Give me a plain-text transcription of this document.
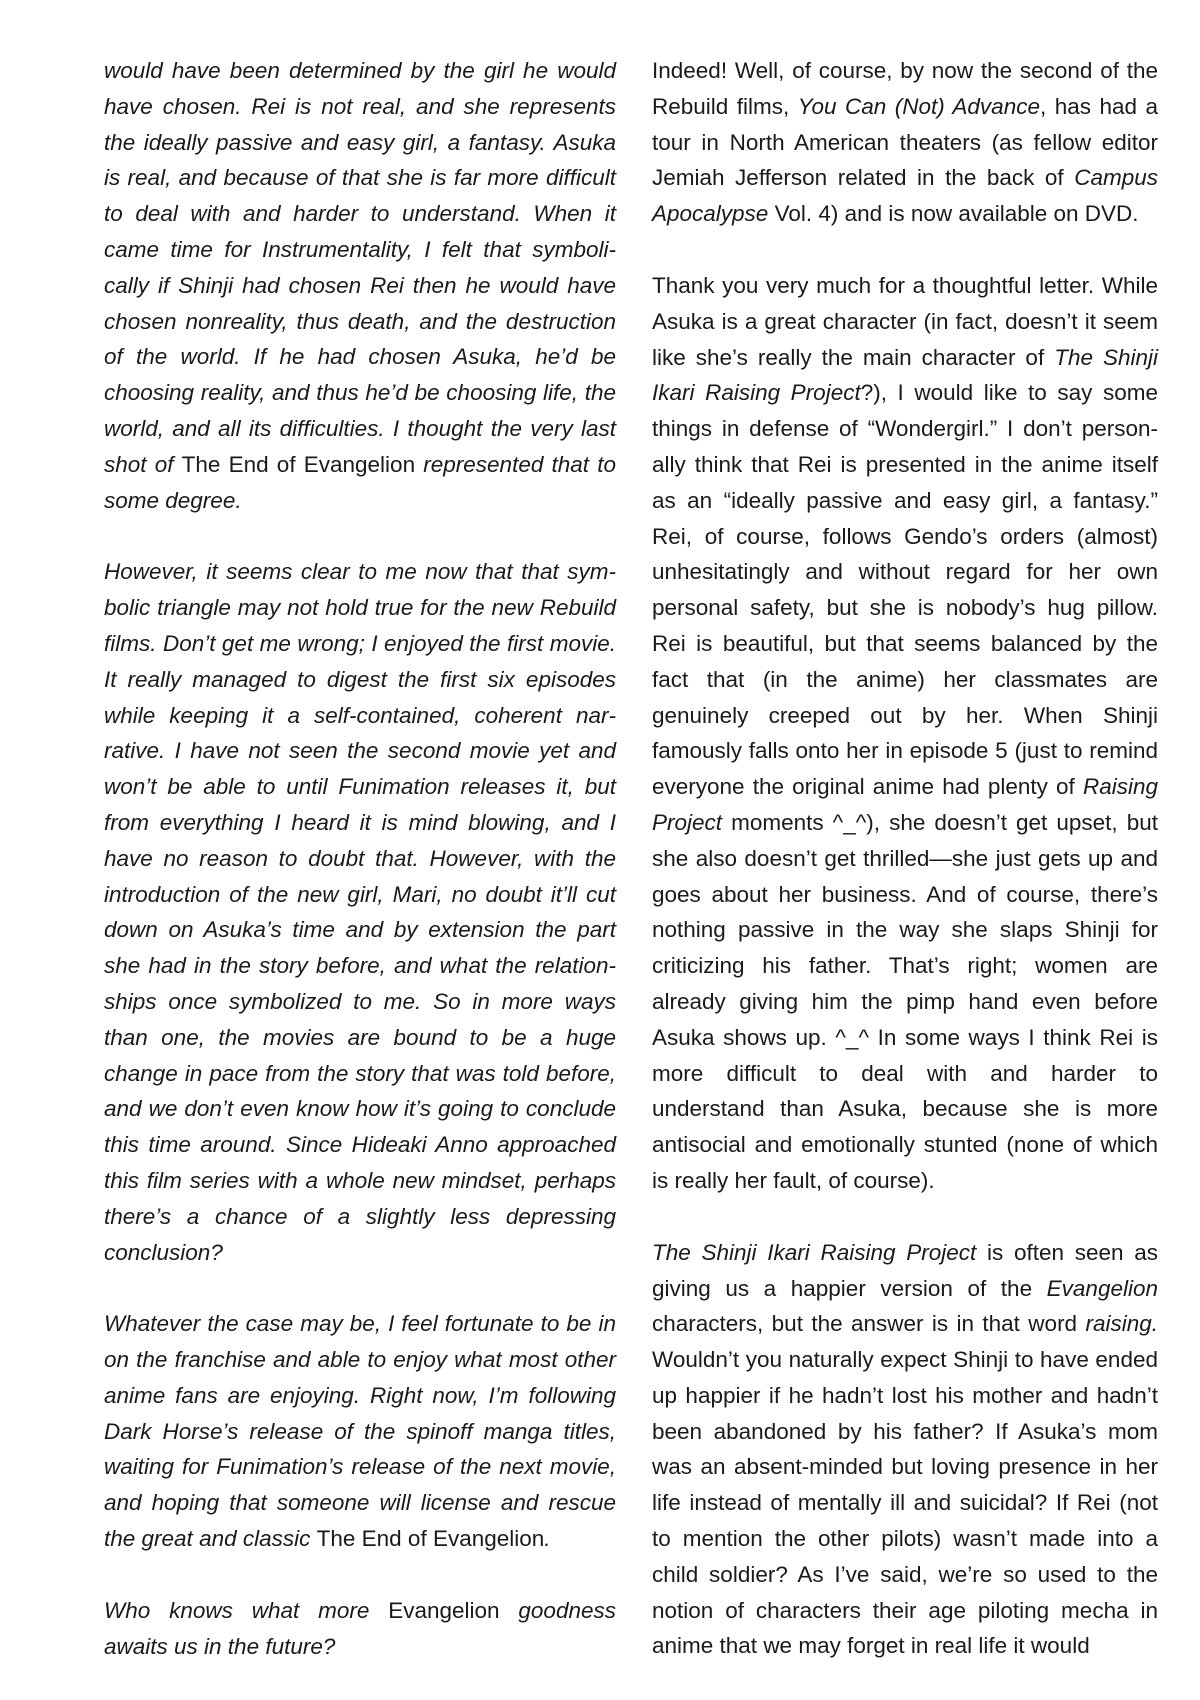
would have been determined by the girl he would have chosen. Rei is not real, and she represents the ideally passive and easy girl, a fantasy. Asuka is real, and because of that she is far more difficult to deal with and harder to understand. When it came time for Instrumentality, I felt that symbolically if Shinji had chosen Rei then he would have chosen nonreality, thus death, and the destruction of the world. If he had chosen Asuka, he’d be choosing reality, and thus he’d be choosing life, the world, and all its difficulties. I thought the very last shot of The End of Evangelion represented that to some degree.

However, it seems clear to me now that that symbolic triangle may not hold true for the new Rebuild films. Don’t get me wrong; I enjoyed the first movie. It really managed to digest the first six episodes while keeping it a self-contained, coherent narrative. I have not seen the second movie yet and won’t be able to until Funimation releases it, but from everything I heard it is mind blowing, and I have no reason to doubt that. However, with the introduction of the new girl, Mari, no doubt it’ll cut down on Asuka’s time and by extension the part she had in the story before, and what the relationships once symbolized to me. So in more ways than one, the movies are bound to be a huge change in pace from the story that was told before, and we don’t even know how it’s going to conclude this time around. Since Hideaki Anno approached this film series with a whole new mindset, perhaps there’s a chance of a slightly less depressing conclusion?

Whatever the case may be, I feel fortunate to be in on the franchise and able to enjoy what most other anime fans are enjoying. Right now, I’m following Dark Horse’s release of the spinoff manga titles, waiting for Funimation’s release of the next movie, and hoping that someone will license and rescue the great and classic The End of Evangelion.

Who knows what more Evangelion goodness awaits us in the future?

Indeed! Well, of course, by now the second of the Rebuild films, You Can (Not) Advance, has had a tour in North American theaters (as fellow editor Jemiah Jefferson related in the back of Campus Apocalypse Vol. 4) and is now available on DVD.

Thank you very much for a thoughtful letter. While Asuka is a great character (in fact, doesn’t it seem like she’s really the main character of The Shinji Ikari Raising Project?), I would like to say some things in defense of “Wondergirl.” I don’t personally think that Rei is presented in the anime itself as an “ideally passive and easy girl, a fantasy.” Rei, of course, follows Gendo’s orders (almost) unhesitatingly and without regard for her own personal safety, but she is nobody’s hug pillow. Rei is beautiful, but that seems balanced by the fact that (in the anime) her classmates are genuinely creeped out by her. When Shinji famously falls onto her in episode 5 (just to remind everyone the original anime had plenty of Raising Project moments ^_^), she doesn’t get upset, but she also doesn’t get thrilled—she just gets up and goes about her business. And of course, there’s nothing passive in the way she slaps Shinji for criticizing his father. That’s right; women are already giving him the pimp hand even before Asuka shows up. ^_^ In some ways I think Rei is more difficult to deal with and harder to understand than Asuka, because she is more antisocial and emotionally stunted (none of which is really her fault, of course).

The Shinji Ikari Raising Project is often seen as giving us a happier version of the Evangelion characters, but the answer is in that word raising. Wouldn’t you naturally expect Shinji to have ended up happier if he hadn’t lost his mother and hadn’t been abandoned by his father? If Asuka’s mom was an absent-minded but loving presence in her life instead of mentally ill and suicidal? If Rei (not to mention the other pilots) wasn’t made into a child soldier? As I’ve said, we’re so used to the notion of characters their age piloting mecha in anime that we may forget in real life it would
